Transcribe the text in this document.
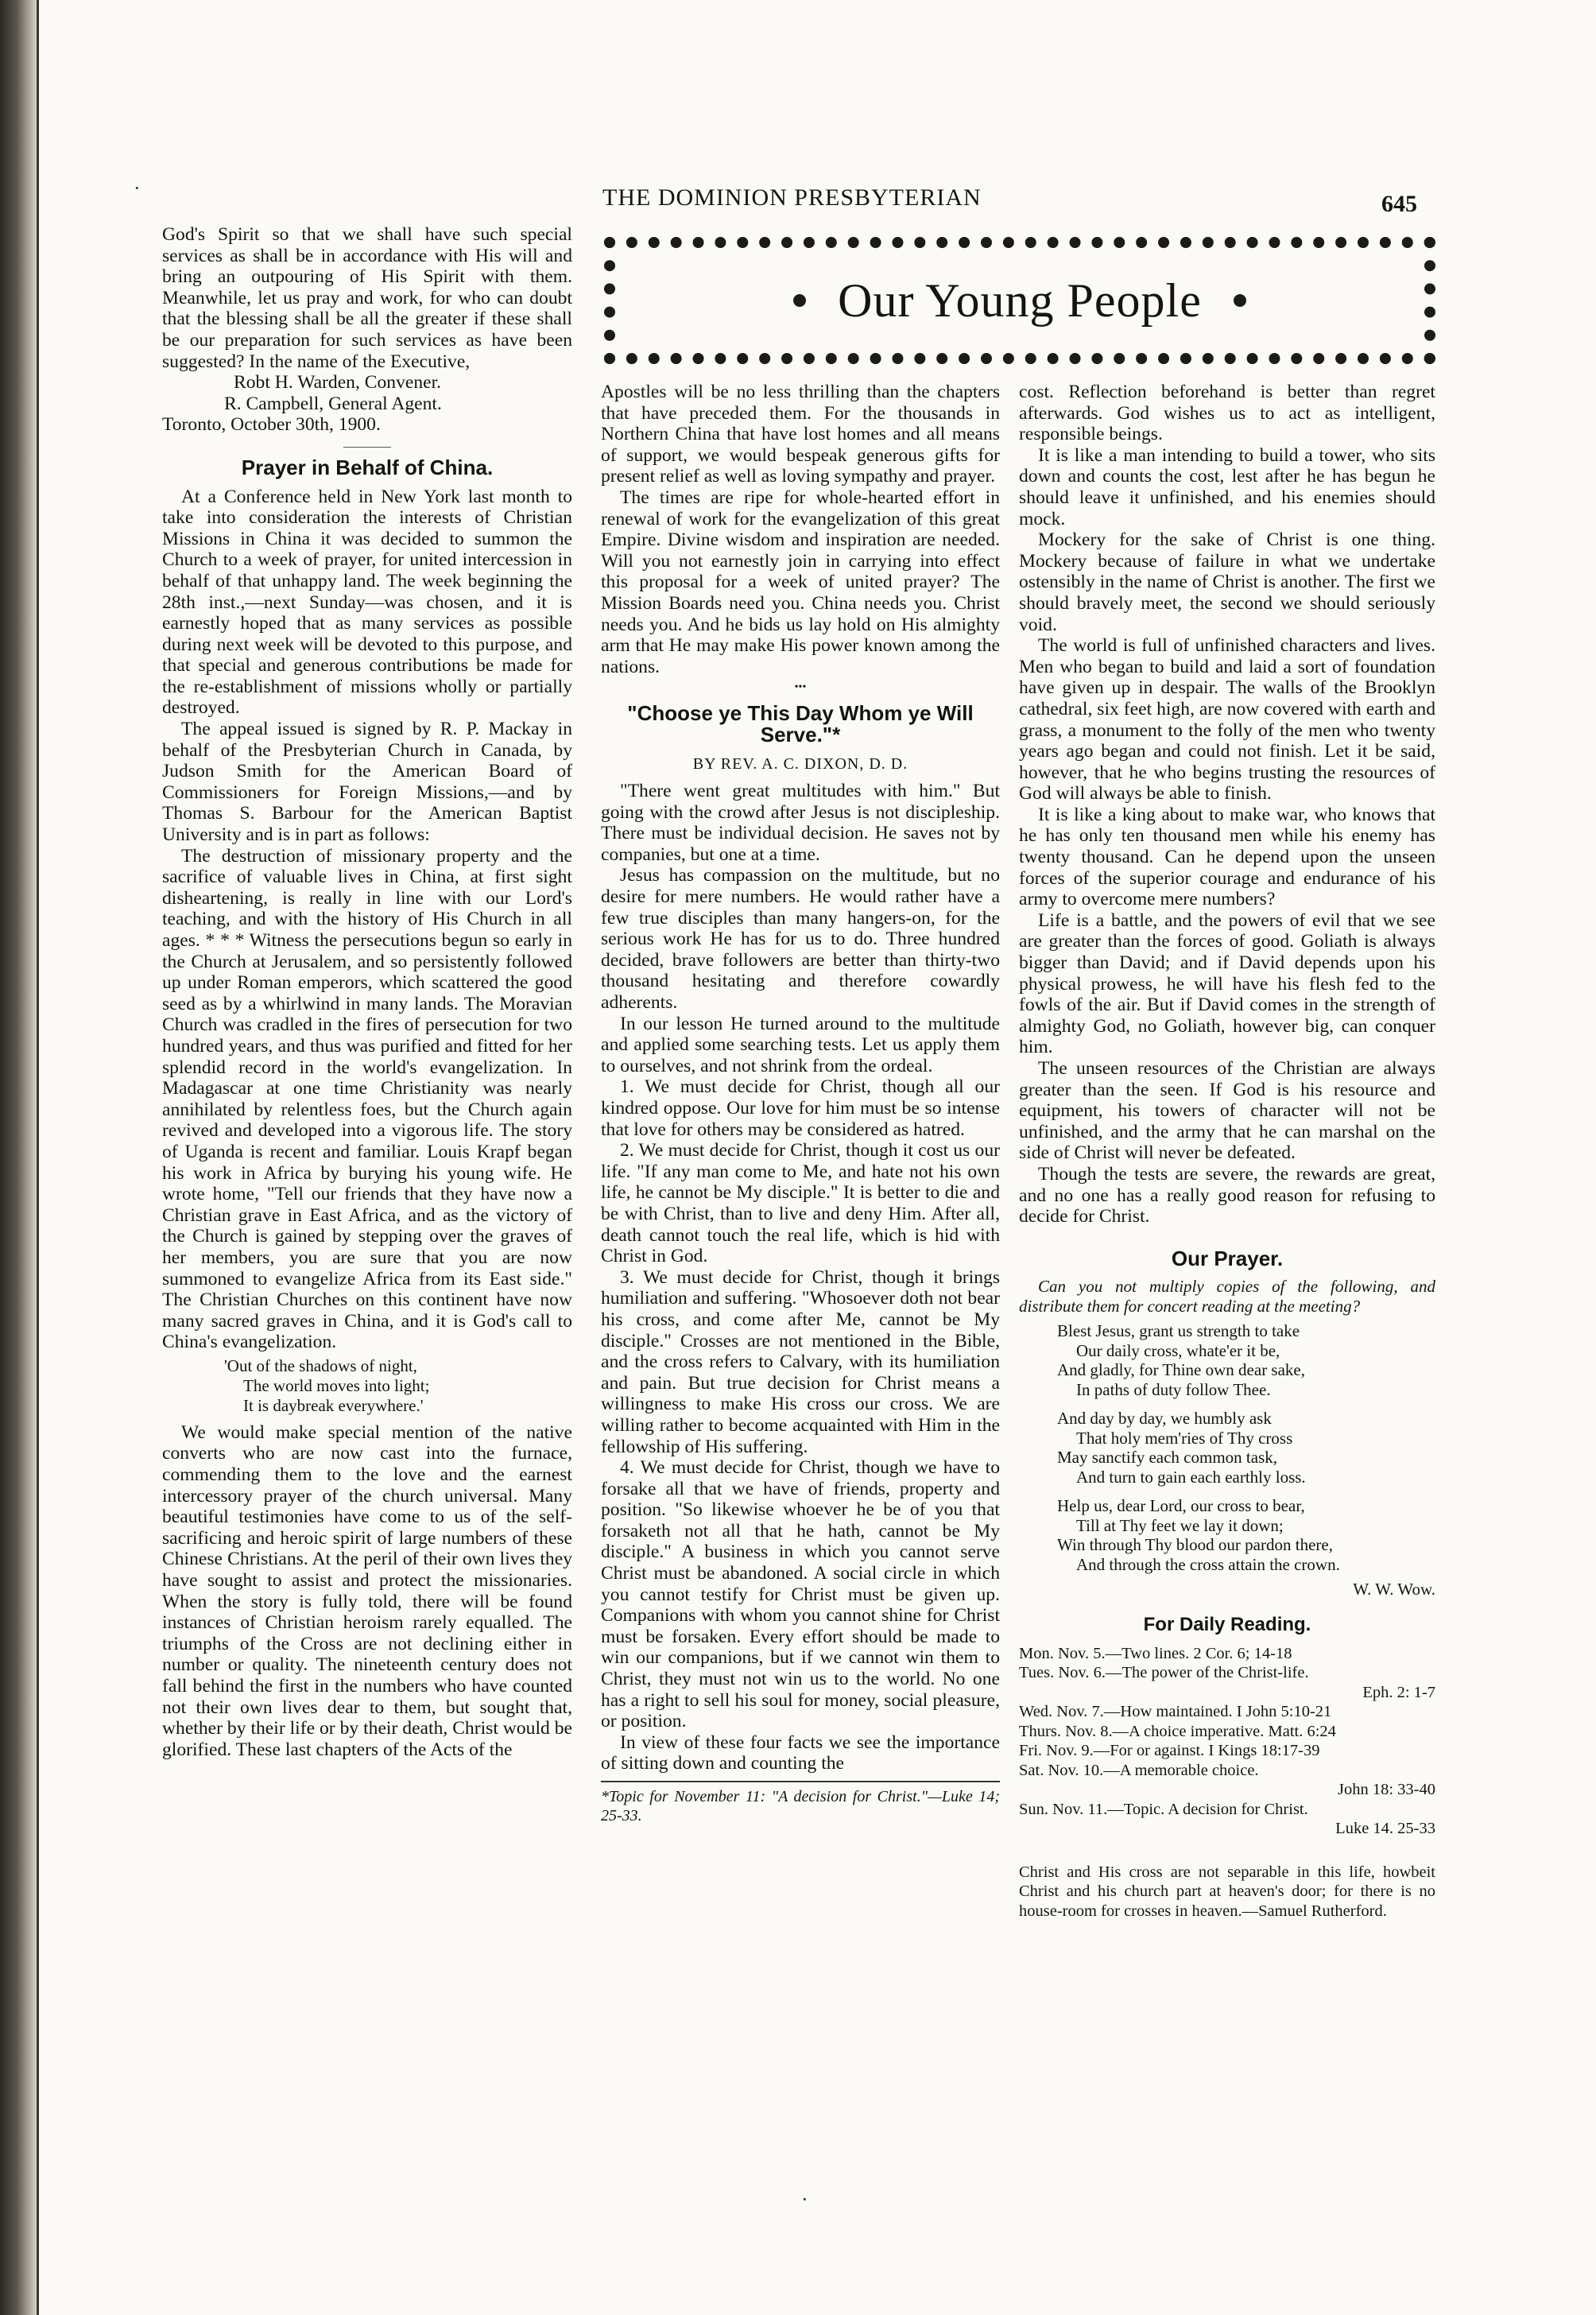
·	THE DOMINION PRESBYTERIAN	645
Our Young People

God's Spirit so that we shall have such special services as shall be in accordance with His will and bring an outpouring of His Spirit with them. Meanwhile, let us pray and work, for who can doubt that the blessing shall be all the greater if these shall be our preparation for such services as have been suggested? In the name of the Executive,

Robt H. Warden, Convener.

R. Campbell, General Agent.

Toronto, October 30th, 1900.

Prayer in Behalf of China.

At a Conference held in New York last month to take into consideration the interests of Christian Missions in China it was decided to summon the Church to a week of prayer, for united intercession in behalf of that unhappy land. The week beginning the 28th inst.,—next Sunday—was chosen, and it is earnestly hoped that as many services as possible during next week will be devoted to this purpose, and that special and generous contributions be made for the re-establishment of missions wholly or partially destroyed.

The appeal issued is signed by R. P. Mackay in behalf of the Presbyterian Church in Canada, by Judson Smith for the American Board of Commissioners for Foreign Missions,—and by Thomas S. Barbour for the American Baptist University and is in part as follows:

The destruction of missionary property and the sacrifice of valuable lives in China, at first sight disheartening, is really in line with our Lord's teaching, and with the history of His Church in all ages. * * * Witness the persecutions begun so early in the Church at Jerusalem, and so persistently followed up under Roman emperors, which scattered the good seed as by a whirlwind in many lands. The Moravian Church was cradled in the fires of persecution for two hundred years, and thus was purified and fitted for her splendid record in the world's evangelization. In Madagascar at one time Christianity was nearly annihilated by relentless foes, but the Church again revived and developed into a vigorous life. The story of Uganda is recent and familiar. Louis Krapf began his work in Africa by burying his young wife. He wrote home, "Tell our friends that they have now a Christian grave in East Africa, and as the victory of the Church is gained by stepping over the graves of her members, you are sure that you are now summoned to evangelize Africa from its East side." The Christian Churches on this continent have now many sacred graves in China, and it is God's call to China's evangelization.

'Out of the shadows of night,
The world moves into light;
It is daybreak everywhere.'

We would make special mention of the native converts who are now cast into the furnace, commending them to the love and the earnest intercessory prayer of the church universal. Many beautiful testimonies have come to us of the self-sacrificing and heroic spirit of large numbers of these Chinese Christians. At the peril of their own lives they have sought to assist and protect the missionaries. When the story is fully told, there will be found instances of Christian heroism rarely equalled. The triumphs of the Cross are not declining either in number or quality. The nineteenth century does not fall behind the first in the numbers who have counted not their own lives dear to them, but sought that, whether by their life or by their death, Christ would be glorified. These last chapters of the Acts of the

Apostles will be no less thrilling than the chapters that have preceded them. For the thousands in Northern China that have lost homes and all means of support, we would bespeak generous gifts for present relief as well as loving sympathy and prayer.

The times are ripe for whole-hearted effort in renewal of work for the evangelization of this great Empire. Divine wisdom and inspiration are needed. Will you not earnestly join in carrying into effect this proposal for a week of united prayer? The Mission Boards need you. China needs you. Christ needs you. And he bids us lay hold on His almighty arm that He may make His power known among the nations.

•••
"Choose ye This Day Whom ye Will Serve."*
BY REV. A. C. DIXON, D. D.

"There went great multitudes with him." But going with the crowd after Jesus is not discipleship. There must be individual decision. He saves not by companies, but one at a time.

Jesus has compassion on the multitude, but no desire for mere numbers. He would rather have a few true disciples than many hangers-on, for the serious work He has for us to do. Three hundred decided, brave followers are better than thirty-two thousand hesitating and therefore cowardly adherents.

In our lesson He turned around to the multitude and applied some searching tests. Let us apply them to ourselves, and not shrink from the ordeal.

1. We must decide for Christ, though all our kindred oppose. Our love for him must be so intense that love for others may be considered as hatred.

2. We must decide for Christ, though it cost us our life. "If any man come to Me, and hate not his own life, he cannot be My disciple." It is better to die and be with Christ, than to live and deny Him. After all, death cannot touch the real life, which is hid with Christ in God.

3. We must decide for Christ, though it brings humiliation and suffering. "Whosoever doth not bear his cross, and come after Me, cannot be My disciple." Crosses are not mentioned in the Bible, and the cross refers to Calvary, with its humiliation and pain. But true decision for Christ means a willingness to make His cross our cross. We are willing rather to become acquainted with Him in the fellowship of His suffering.

4. We must decide for Christ, though we have to forsake all that we have of friends, property and position. "So likewise whoever he be of you that forsaketh not all that he hath, cannot be My disciple." A business in which you cannot serve Christ must be abandoned. A social circle in which you cannot testify for Christ must be given up. Companions with whom you cannot shine for Christ must be forsaken. Every effort should be made to win our companions, but if we cannot win them to Christ, they must not win us to the world. No one has a right to sell his soul for money, social pleasure, or position.

In view of these four facts we see the importance of sitting down and counting the

*Topic for November 11: "A decision for Christ."—Luke 14; 25-33.

cost. Reflection beforehand is better than regret afterwards. God wishes us to act as intelligent, responsible beings.

It is like a man intending to build a tower, who sits down and counts the cost, lest after he has begun he should leave it unfinished, and his enemies should mock.

Mockery for the sake of Christ is one thing. Mockery because of failure in what we undertake ostensibly in the name of Christ is another. The first we should bravely meet, the second we should seriously void.

The world is full of unfinished characters and lives. Men who began to build and laid a sort of foundation have given up in despair. The walls of the Brooklyn cathedral, six feet high, are now covered with earth and grass, a monument to the folly of the men who twenty years ago began and could not finish. Let it be said, however, that he who begins trusting the resources of God will always be able to finish.

It is like a king about to make war, who knows that he has only ten thousand men while his enemy has twenty thousand. Can he depend upon the unseen forces of the superior courage and endurance of his army to overcome mere numbers?

Life is a battle, and the powers of evil that we see are greater than the forces of good. Goliath is always bigger than David; and if David depends upon his physical prowess, he will have his flesh fed to the fowls of the air. But if David comes in the strength of almighty God, no Goliath, however big, can conquer him.

The unseen resources of the Christian are always greater than the seen. If God is his resource and equipment, his towers of character will not be unfinished, and the army that he can marshal on the side of Christ will never be defeated.

Though the tests are severe, the rewards are great, and no one has a really good reason for refusing to decide for Christ.

Our Prayer.

Can you not multiply copies of the following, and distribute them for concert reading at the meeting?

Blest Jesus, grant us strength to take
Our daily cross, whate'er it be,
And gladly, for Thine own dear sake,
In paths of duty follow Thee.
And day by day, we humbly ask
That holy mem'ries of Thy cross
May sanctify each common task,
And turn to gain each earthly loss.
Help us, dear Lord, our cross to bear,
Till at Thy feet we lay it down;
Win through Thy blood our pardon there,
And through the cross attain the crown.
W. W. Wow.
For Daily Reading.
Mon. Nov. 5.—Two lines. 2 Cor. 6; 14-18
Tues. Nov. 6.—The power of the Christ-life.
Eph. 2: 1-7
Wed. Nov. 7.—How maintained. I John 5:10-21
Thurs. Nov. 8.—A choice imperative. Matt. 6:24
Fri. Nov. 9.—For or against. I Kings 18:17-39
Sat. Nov. 10.—A memorable choice.
John 18: 33-40
Sun. Nov. 11.—Topic. A decision for Christ.
Luke 14. 25-33
Christ and His cross are not separable in this life, howbeit Christ and his church part at heaven's door; for there is no house-room for crosses in heaven.—Samuel Rutherford.
·
